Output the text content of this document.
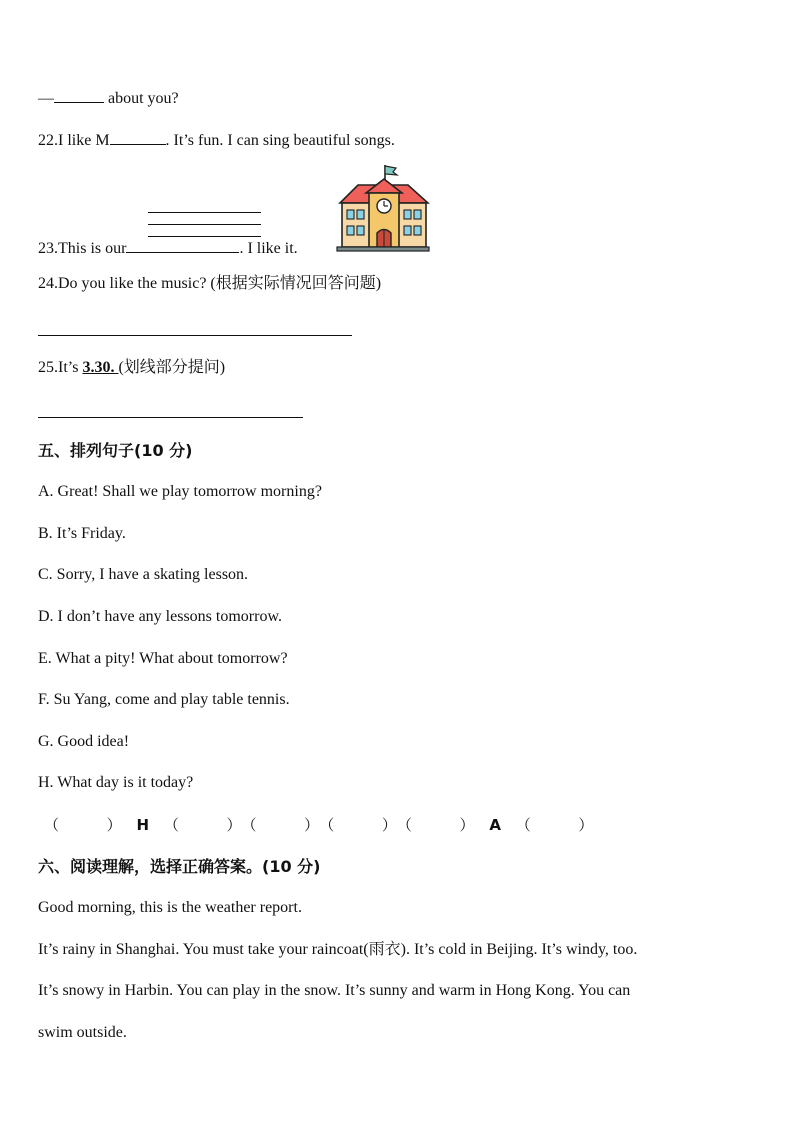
—	about you?
22.I like M	. It’s fun. I can sing beautiful songs.
23.This is our	. I like it.
24.Do you like the music? (根据实际情况回答问题)
25.It’s 3.30. (划线部分提问)
五、排列句子(10 分)
A. Great! Shall we play tomorrow morning?
B. It’s Friday.
C. Sorry, I have a skating lesson.
D. I don’t have any lessons tomorrow.
E. What a pity! What about tomorrow?
F. Su Yang, come and play table tennis.
G. Good idea!
H. What day is it today?
（          ） H （          ）（          ）（          ）（          ） A （          ）
六、阅读理解，选择正确答案。(10 分)
Good morning, this is the weather report.
It’s rainy in Shanghai. You must take your raincoat(雨衣). It’s cold in Beijing. It’s windy, too.
It’s snowy in Harbin. You can play in the snow. It’s sunny and warm in Hong Kong. You can
swim outside.
